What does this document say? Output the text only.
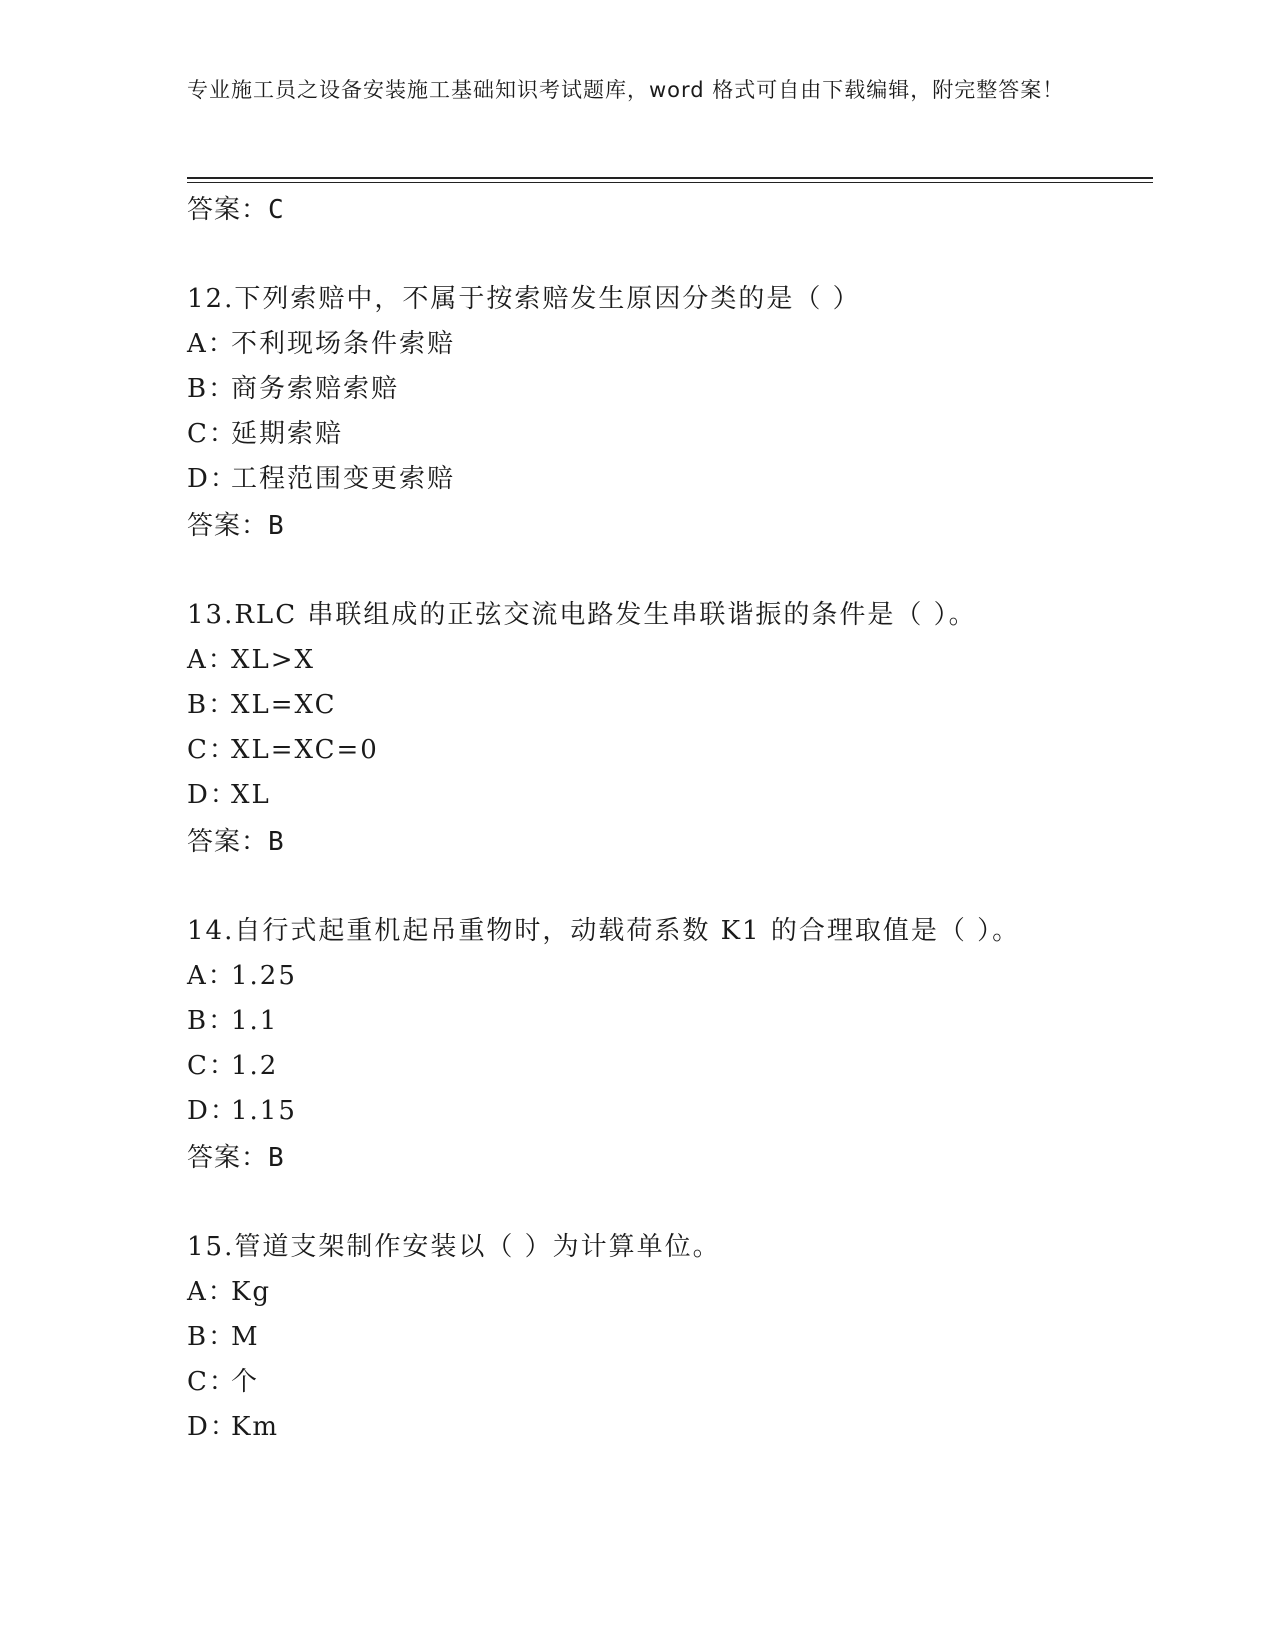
专业施工员之设备安装施工基础知识考试题库，word 格式可自由下载编辑，附完整答案！
答案：C
12.下列索赔中，不属于按索赔发生原因分类的是（ ）
A：不利现场条件索赔
B：商务索赔索赔
C：延期索赔
D：工程范围变更索赔
答案：B
13.RLC 串联组成的正弦交流电路发生串联谐振的条件是（ ）。
A：XL>X
B：XL=XC
C：XL=XC=0
D：XL
答案：B
14.自行式起重机起吊重物时，动载荷系数 K1 的合理取值是（ ）。
A：1.25
B：1.1
C：1.2
D：1.15
答案：B
15.管道支架制作安装以（ ）为计算单位。
A：Kg
B：M
C：个
D：Km
